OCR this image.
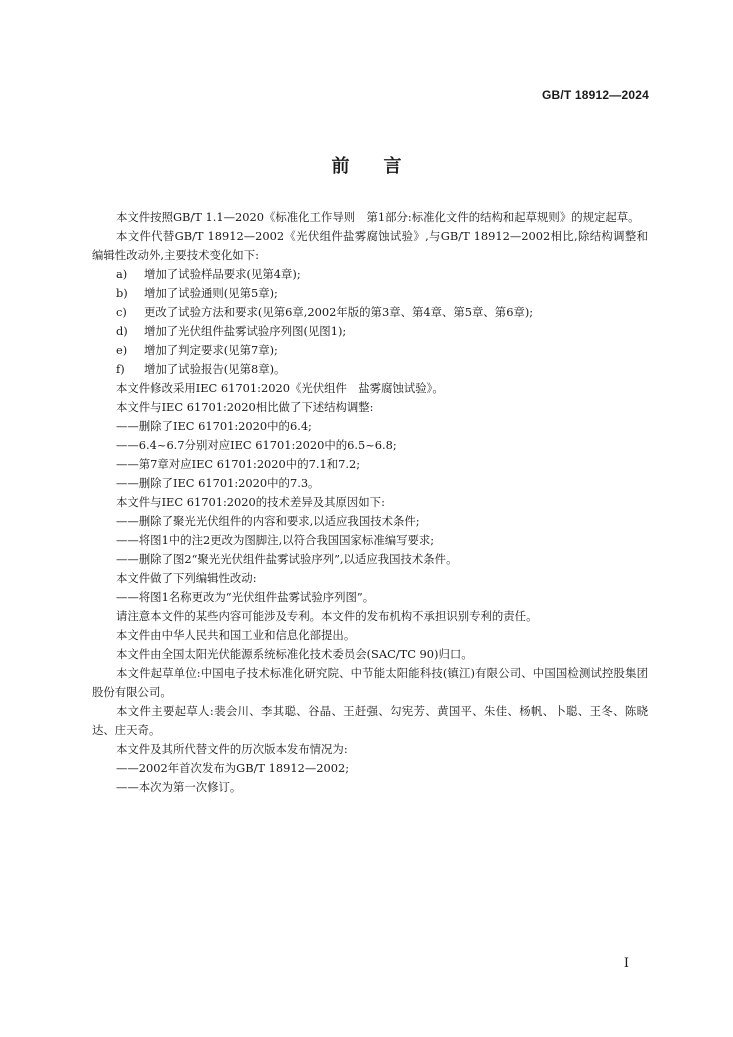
GB/T 18912—2024
前言

本文件按照GB/T 1.1—2020《标准化工作导则　第1部分:标准化文件的结构和起草规则》的规定起草。

本文件代替GB/T 18912—2002《光伏组件盐雾腐蚀试验》,与GB/T 18912—2002相比,除结构调整和编辑性改动外,主要技术变化如下:

a) 增加了试验样品要求(见第4章);

b) 增加了试验通则(见第5章);

c) 更改了试验方法和要求(见第6章,2002年版的第3章、第4章、第5章、第6章);

d) 增加了光伏组件盐雾试验序列图(见图1);

e) 增加了判定要求(见第7章);

f) 增加了试验报告(见第8章)。

本文件修改采用IEC 61701:2020《光伏组件　盐雾腐蚀试验》。

本文件与IEC 61701:2020相比做了下述结构调整:

——删除了IEC 61701:2020中的6.4;

——6.4~6.7分别对应IEC 61701:2020中的6.5~6.8;

——第7章对应IEC 61701:2020中的7.1和7.2;

——删除了IEC 61701:2020中的7.3。

本文件与IEC 61701:2020的技术差异及其原因如下:

——删除了聚光光伏组件的内容和要求,以适应我国技术条件;

——将图1中的注2更改为图脚注,以符合我国国家标准编写要求;

——删除了图2“聚光光伏组件盐雾试验序列”,以适应我国技术条件。

本文件做了下列编辑性改动:

——将图1名称更改为“光伏组件盐雾试验序列图”。

请注意本文件的某些内容可能涉及专利。本文件的发布机构不承担识别专利的责任。

本文件由中华人民共和国工业和信息化部提出。

本文件由全国太阳光伏能源系统标准化技术委员会(SAC/TC 90)归口。

本文件起草单位:中国电子技术标准化研究院、中节能太阳能科技(镇江)有限公司、中国国检测试控股集团股份有限公司。

本文件主要起草人:裴会川、李其聪、谷晶、王赶强、勾宪芳、黄国平、朱佳、杨帆、卜聪、王冬、陈晓达、庄天奇。

本文件及其所代替文件的历次版本发布情况为:

——2002年首次发布为GB/T 18912—2002;

——本次为第一次修订。

I
